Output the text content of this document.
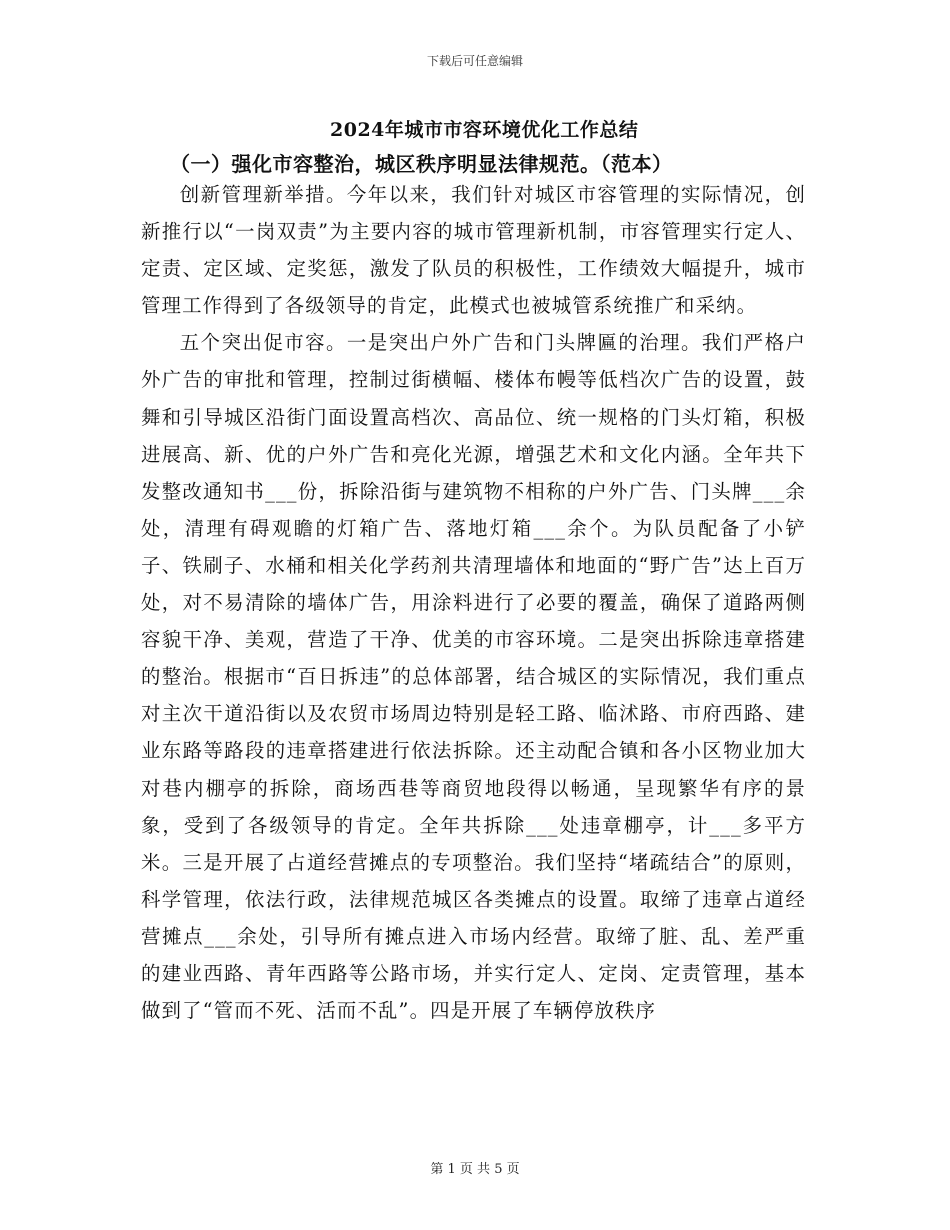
下载后可任意编辑
2024年城市市容环境优化工作总结
（一）强化市容整治，城区秩序明显法律规范。（范本）

创新管理新举措。今年以来，我们针对城区市容管理的实际情况，创新推行以“一岗双责”为主要内容的城市管理新机制，市容管理实行定人、定责、定区域、定奖惩，激发了队员的积极性，工作绩效大幅提升，城市管理工作得到了各级领导的肯定，此模式也被城管系统推广和采纳。

五个突出促市容。一是突出户外广告和门头牌匾的治理。我们严格户外广告的审批和管理，控制过街横幅、楼体布幔等低档次广告的设置，鼓舞和引导城区沿街门面设置高档次、高品位、统一规格的门头灯箱，积极进展高、新、优的户外广告和亮化光源，增强艺术和文化内涵。全年共下发整改通知书___份，拆除沿街与建筑物不相称的户外广告、门头牌___余处，清理有碍观瞻的灯箱广告、落地灯箱___余个。为队员配备了小铲子、铁刷子、水桶和相关化学药剂共清理墙体和地面的“野广告”达上百万处，对不易清除的墙体广告，用涂料进行了必要的覆盖，确保了道路两侧容貌干净、美观，营造了干净、优美的市容环境。二是突出拆除违章搭建的整治。根据市“百日拆违”的总体部署，结合城区的实际情况，我们重点对主次干道沿街以及农贸市场周边特别是轻工路、临沭路、市府西路、建业东路等路段的违章搭建进行依法拆除。还主动配合镇和各小区物业加大对巷内棚亭的拆除，商场西巷等商贸地段得以畅通，呈现繁华有序的景象，受到了各级领导的肯定。全年共拆除___处违章棚亭，计___多平方米。三是开展了占道经营摊点的专项整治。我们坚持“堵疏结合”的原则，科学管理，依法行政，法律规范城区各类摊点的设置。取缔了违章占道经营摊点___余处，引导所有摊点进入市场内经营。取缔了脏、乱、差严重的建业西路、青年西路等公路市场，并实行定人、定岗、定责管理，基本做到了“管而不死、活而不乱”。四是开展了车辆停放秩序

第 1 页 共 5 页
